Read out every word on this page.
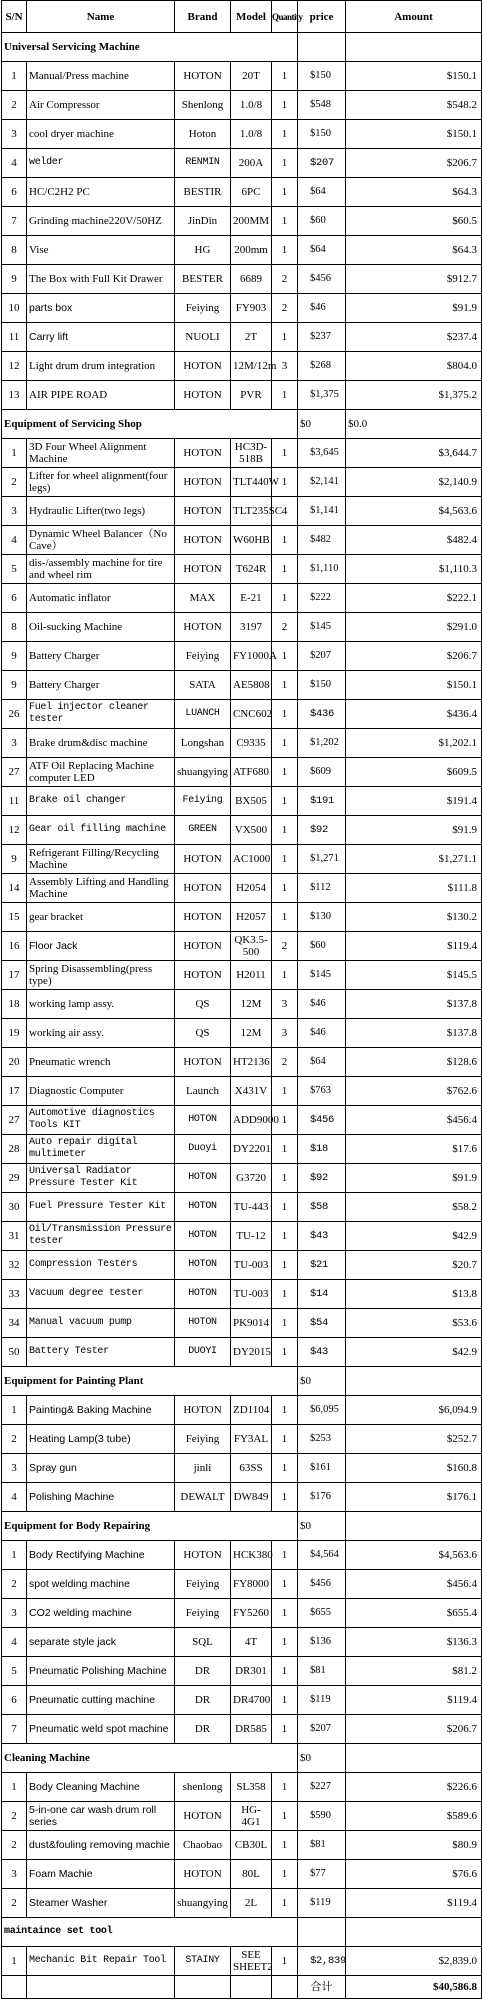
S/N	Name	Brand	Model	Quantity	price	Amount
Universal Servicing Machine						
1	Manual/Press machine	HOTON	20T	1	$150	$150.1
2	Air Compressor	Shenlong	1.0/8	1	$548	$548.2
3	cool dryer machine	Hoton	1.0/8	1	$150	$150.1
4	welder	RENMIN	200A	1	$207	$206.7
6	HC/C2H2 PC	BESTIR	6PC	1	$64	$64.3
7	Grinding machine220V/50HZ	JinDin	200MM	1	$60	$60.5
8	Vise	HG	200mm	1	$64	$64.3
9	The Box with Full Kit Drawer	BESTER	6689	2	$456	$912.7
10	parts box	Feiying	FY903	2	$46	$91.9
11	Carry lift	NUOLI	2T	1	$237	$237.4
12	Light drum drum integration	HOTON	12M/12m	3	$268	$804.0
13	AIR PIPE ROAD	HOTON	PVR	1	$1,375	$1,375.2
Equipment of Servicing Shop					$0	$0.0
1	3D Four Wheel Alignment Machine	HOTON	HC3D-518B	1	$3,645	$3,644.7
2	Lifter for wheel alignment(four legs)	HOTON	TLT440W	1	$2,141	$2,140.9
3	Hydraulic Lifter(two legs)	HOTON	TLT235SC	4	$1,141	$4,563.6
4	Dynamic Wheel Balancer（No Cave）	HOTON	W60HB	1	$482	$482.4
5	dis-/assembly machine for tire and wheel rim	HOTON	T624R	1	$1,110	$1,110.3
6	Automatic inflator	MAX	E-21	1	$222	$222.1
8	Oil-sucking Machine	HOTON	3197	2	$145	$291.0
9	Battery Charger	Feiying	FY1000A	1	$207	$206.7
9	Battery Charger	SATA	AE5808	1	$150	$150.1
26	Fuel injector cleaner tester	LUANCH	CNC602	1	$436	$436.4
3	Brake drum&disc machine	Longshan	C9335	1	$1,202	$1,202.1
27	ATF Oil Replacing Machine computer LED	shuangying	ATF680	1	$609	$609.5
11	Brake oil changer	Feiying	BX505	1	$191	$191.4
12	Gear oil filling machine	GREEN	VX500	1	$92	$91.9
9	Refrigerant Filling/Recycling Machine	HOTON	AC1000	1	$1,271	$1,271.1
14	Assembly Lifting and Handling Machine	HOTON	H2054	1	$112	$111.8
15	gear bracket	HOTON	H2057	1	$130	$130.2
16	Floor Jack	HOTON	QK3.5-500	2	$60	$119.4
17	Spring Disassembling(press type)	HOTON	H2011	1	$145	$145.5
18	working lamp assy.	QS	12M	3	$46	$137.8
19	working air assy.	QS	12M	3	$46	$137.8
20	Pneumatic wrench	HOTON	HT2136	2	$64	$128.6
17	Diagnostic Computer	Launch	X431V	1	$763	$762.6
27	Automotive diagnostics Tools KIT	HOTON	ADD9000	1	$456	$456.4
28	Auto repair digital multimeter	Duoyi	DY2201	1	$18	$17.6
29	Universal Radiator Pressure Tester Kit	HOTON	G3720	1	$92	$91.9
30	Fuel Pressure Tester Kit	HOTON	TU-443	1	$58	$58.2
31	Oil/Transmission Pressure tester	HOTON	TU-12	1	$43	$42.9
32	Compression Testers	HOTON	TU-003	1	$21	$20.7
33	Vacuum degree tester	HOTON	TU-003	1	$14	$13.8
34	Manual vacuum pump	HOTON	PK9014	1	$54	$53.6
50	Battery Tester	DUOYI	DY2015	1	$43	$42.9
Equipment for Painting Plant					$0	
1	Painting& Baking Machine	HOTON	ZD1104	1	$6,095	$6,094.9
2	Heating Lamp(3 tube)	Feiying	FY3AL	1	$253	$252.7
3	Spray gun	jinli	63SS	1	$161	$160.8
4	Polishing Machine	DEWALT	DW849	1	$176	$176.1
Equipment for Body Repairing					$0	
1	Body Rectifying Machine	HOTON	HCK380	1	$4,564	$4,563.6
2	spot welding machine	Feiying	FY8000	1	$456	$456.4
3	CO2 welding machine	Feiying	FY5260	1	$655	$655.4
4	separate style jack	SQL	4T	1	$136	$136.3
5	Pneumatic Polishing Machine	DR	DR301	1	$81	$81.2
6	Pneumatic cutting machine	DR	DR4700	1	$119	$119.4
7	Pneumatic weld spot machine	DR	DR585	1	$207	$206.7
Cleaning Machine					$0	
1	Body Cleaning Machine	shenlong	SL358	1	$227	$226.6
2	5-in-one car wash drum roll series	HOTON	HG-4G1	1	$590	$589.6
2	dust&fouling removing machie	Chaobao	CB30L	1	$81	$80.9
3	Foam Machie	HOTON	80L	1	$77	$76.6
2	Steamer Washer	shuangying	2L	1	$119	$119.4
maintaince set tool						
1	Mechanic Bit Repair Tool	STAINY	SEE SHEET2	1	$2,839	$2,839.0
					合计	$40,586.8
